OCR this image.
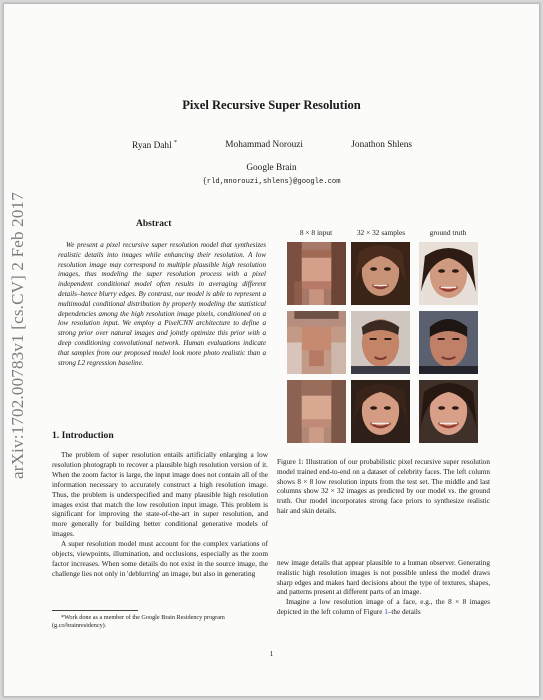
arXiv:1702.00783v1 [cs.CV] 2 Feb 2017
Pixel Recursive Super Resolution
Ryan Dahl *	Mohammad Norouzi	Jonathon Shlens
Google Brain
{rld,mnorouzi,shlens}@google.com
Abstract
We present a pixel recursive super resolution model that synthesizes realistic details into images while enhancing their resolution. A low resolution image may correspond to multiple plausible high resolution images, thus modeling the super resolution process with a pixel independent conditional model often results in averaging different details–hence blurry edges. By contrast, our model is able to represent a multimodal conditional distribution by properly modeling the statistical dependencies among the high resolution image pixels, conditioned on a low resolution input. We employ a PixelCNN architecture to define a strong prior over natural images and jointly optimize this prior with a deep conditioning convolutional network. Human evaluations indicate that samples from our proposed model look more photo realistic than a strong L2 regression baseline.
1. Introduction

The problem of super resolution entails artificially enlarging a low resolution photograph to recover a plausible high resolution version of it. When the zoom factor is large, the input image does not contain all of the information necessary to accurately construct a high resolution image. Thus, the problem is underspecified and many plausible high resolution images exist that match the low resolution input image. This problem is significant for improving the state-of-the-art in super resolution, and more generally for building better conditional generative models of images.

A super resolution model must account for the complex variations of objects, viewpoints, illumination, and occlusions, especially as the zoom factor increases. When some details do not exist in the source image, the challenge lies not only in 'deblurring' an image, but also in generating

*Work done as a member of the Google Brain Residency program (g.co/brainresidency).
8 × 8 input	32 × 32 samples	ground truth
Figure 1: Illustration of our probabilistic pixel recursive super resolution model trained end-to-end on a dataset of celebrity faces. The left column shows 8 × 8 low resolution inputs from the test set. The middle and last columns show 32 × 32 images as predicted by our model vs. the ground truth. Our model incorporates strong face priors to synthesize realistic hair and skin details.

new image details that appear plausible to a human observer. Generating realistic high resolution images is not possible unless the model draws sharp edges and makes hard decisions about the type of textures, shapes, and patterns present at different parts of an image.

Imagine a low resolution image of a face, e.g., the 8 × 8 images depicted in the left column of Figure 1–the details

1
